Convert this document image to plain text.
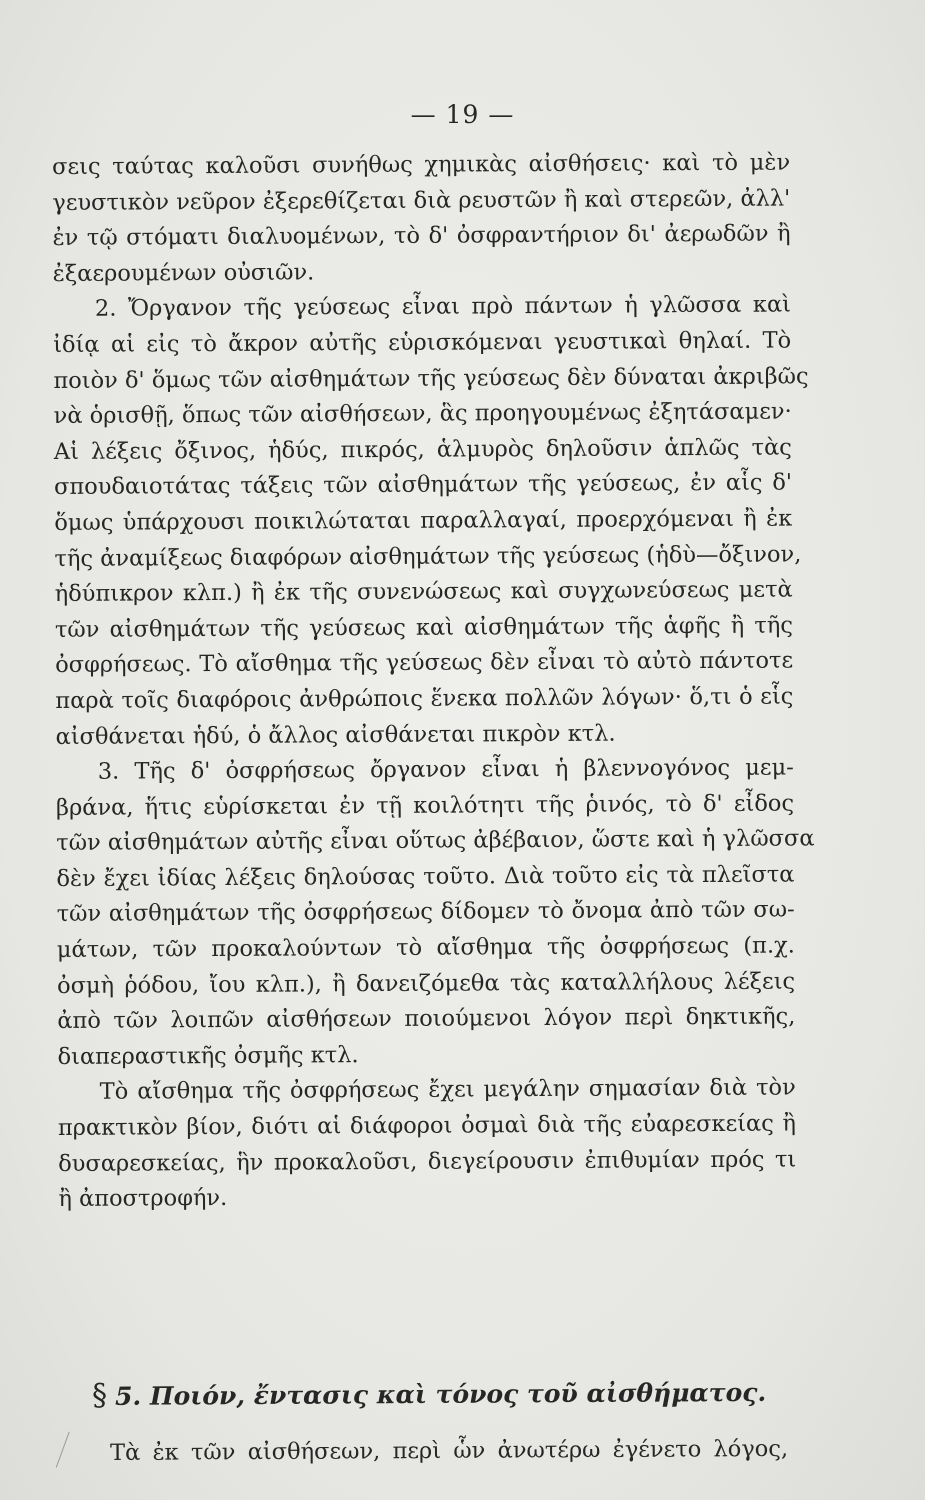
— 19 —
σεις ταύτας καλοῦσι συνήθως χημικὰς αἰσθήσεις· καὶ τὸ μὲν
γευστικὸν νεῦρον ἐξερεθίζεται διὰ ρευστῶν ἢ καὶ στερεῶν, ἀλλ'
ἐν τῷ στόματι διαλυομένων, τὸ δ' ὀσφραντήριον δι' ἀερωδῶν ἢ
ἐξαερουμένων οὐσιῶν.
2. Ὄργανον τῆς γεύσεως εἶναι πρὸ πάντων ἡ γλῶσσα καὶ
ἰδίᾳ αἱ εἰς τὸ ἄκρον αὐτῆς εὑρισκόμεναι γευστικαὶ θηλαί. Τὸ
ποιὸν δ' ὅμως τῶν αἰσθημάτων τῆς γεύσεως δὲν δύναται ἀκριβῶς
νὰ ὁρισθῇ, ὅπως τῶν αἰσθήσεων, ἃς προηγουμένως ἐξητάσαμεν·
Αἱ λέξεις ὄξινος, ἡδύς, πικρός, ἁλμυρὸς δηλοῦσιν ἁπλῶς τὰς
σπουδαιοτάτας τάξεις τῶν αἰσθημάτων τῆς γεύσεως, ἐν αἷς δ'
ὅμως ὑπάρχουσι ποικιλώταται παραλλαγαί, προερχόμεναι ἢ ἐκ
τῆς ἀναμίξεως διαφόρων αἰσθημάτων τῆς γεύσεως (ἡδὺ—ὄξινον,
ἡδύπικρον κλπ.) ἢ ἐκ τῆς συνενώσεως καὶ συγχωνεύσεως μετὰ
τῶν αἰσθημάτων τῆς γεύσεως καὶ αἰσθημάτων τῆς ἁφῆς ἢ τῆς
ὀσφρήσεως. Τὸ αἴσθημα τῆς γεύσεως δὲν εἶναι τὸ αὐτὸ πάντοτε
παρὰ τοῖς διαφόροις ἀνθρώποις ἕνεκα πολλῶν λόγων· ὅ,τι ὁ εἷς
αἰσθάνεται ἡδύ, ὁ ἄλλος αἰσθάνεται πικρὸν κτλ.
3. Τῆς δ' ὀσφρήσεως ὄργανον εἶναι ἡ βλεννογόνος μεμ-
βράνα, ἥτις εὑρίσκεται ἐν τῇ κοιλότητι τῆς ῥινός, τὸ δ' εἶδος
τῶν αἰσθημάτων αὐτῆς εἶναι οὕτως ἀβέβαιον, ὥστε καὶ ἡ γλῶσσα
δὲν ἔχει ἰδίας λέξεις δηλούσας τοῦτο. Διὰ τοῦτο εἰς τὰ πλεῖστα
τῶν αἰσθημάτων τῆς ὀσφρήσεως δίδομεν τὸ ὄνομα ἀπὸ τῶν σω-
μάτων, τῶν προκαλούντων τὸ αἴσθημα τῆς ὀσφρήσεως (π.χ.
ὀσμὴ ῥόδου, ἴου κλπ.), ἢ δανειζόμεθα τὰς καταλλήλους λέξεις
ἀπὸ τῶν λοιπῶν αἰσθήσεων ποιούμενοι λόγον περὶ δηκτικῆς,
διαπεραστικῆς ὀσμῆς κτλ.
Τὸ αἴσθημα τῆς ὀσφρήσεως ἔχει μεγάλην σημασίαν διὰ τὸν
πρακτικὸν βίον, διότι αἱ διάφοροι ὀσμαὶ διὰ τῆς εὐαρεσκείας ἢ
δυσαρεσκείας, ἣν προκαλοῦσι, διεγείρουσιν ἐπιθυμίαν πρός τι
ἢ ἀποστροφήν.
§ 5. Ποιόν, ἔντασις καὶ τόνος τοῦ αἰσθήματος.
Τὰ ἐκ τῶν αἰσθήσεων, περὶ ὧν ἀνωτέρω ἐγένετο λόγος,
